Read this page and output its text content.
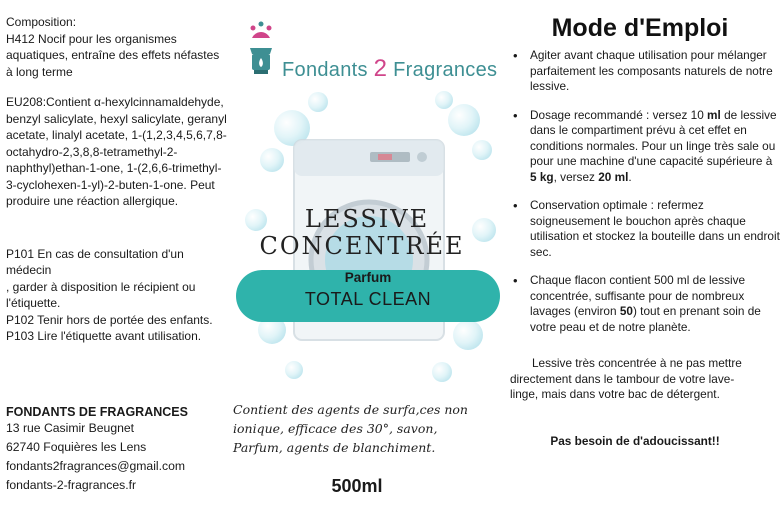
Composition:
H412 Nocif pour les organismes aquatiques, entraîne des effets néfastes à long terme
EU208:Contient α-hexylcinnamaldehyde, benzyl salicylate, hexyl salicylate, geranyl acetate, linalyl acetate, 1-(1,2,3,4,5,6,7,8-octahydro-2,3,8,8-tetramethyl-2-naphthyl)ethan-1-one, 1-(2,6,6-trimethyl-3-cyclohexen-1-yl)-2-buten-1-one. Peut produire une réaction allergique.
P101 En cas de consultation d'un médecin
, garder à disposition le récipient ou l'étiquette.
P102 Tenir hors de portée des enfants.
P103 Lire l'étiquette avant utilisation.
FONDANTS DE FRAGRANCES
13 rue Casimir Beugnet
62740 Foquières les Lens
fondants2fragrances@gmail.com
fondants-2-fragrances.fr
Fondants 2 Fragrances
LESSIVE
CONCENTRÉE
Parfum
TOTAL CLEAN
Contient des agents de surfa,ces non ionique, efficace des 30°, savon, Parfum, agents de blanchiment.
500ml
Mode d'Emploi
• Agiter avant chaque utilisation pour mélanger parfaitement les composants naturels de notre lessive.
• Dosage recommandé : versez 10 ml de lessive dans le compartiment prévu à cet effet en conditions normales. Pour un linge très sale ou pour une machine d'une capacité supérieure à 5 kg, versez 20 ml.
• Conservation optimale : refermez soigneusement le bouchon après chaque utilisation et stockez la bouteille dans un endroit sec.
• Chaque flacon contient 500 ml de lessive concentrée, suffisante pour de nombreux lavages (environ 50) tout en prenant soin de votre peau et de notre planète.
Lessive très concentrée à ne pas mettre directement dans le tambour de votre lave-linge, mais dans votre bac de détergent.
Pas besoin de d'adoucissant!!
